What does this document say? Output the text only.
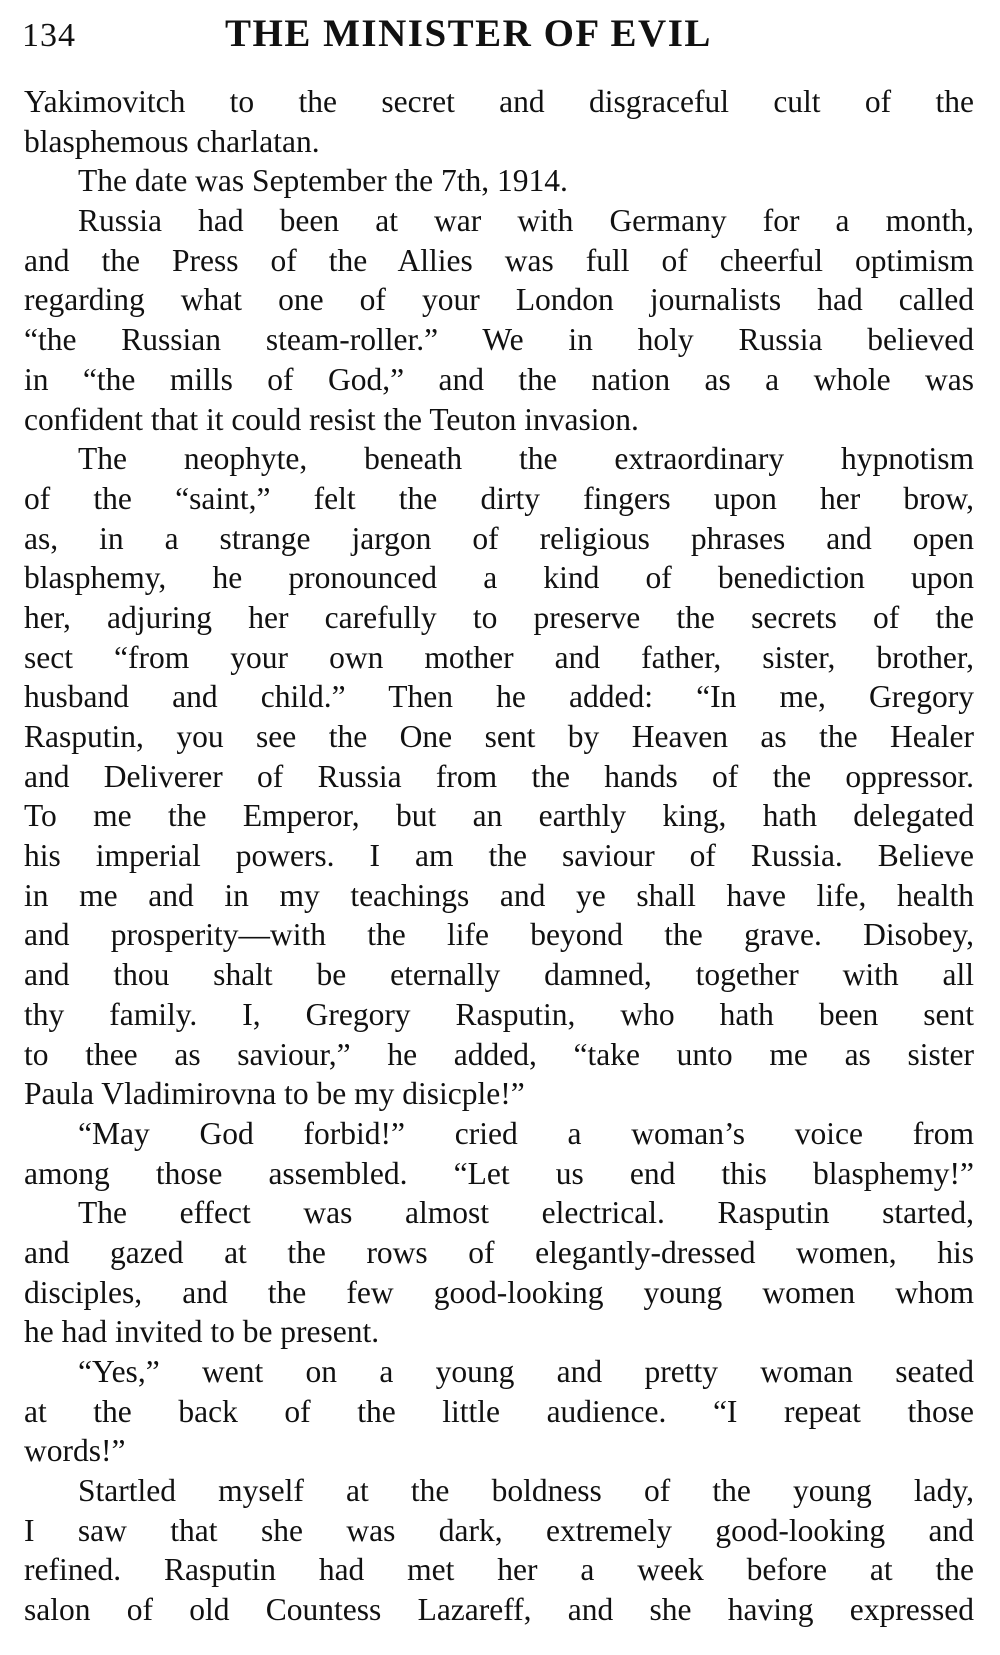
134	THE MINISTER OF EVIL
Yakimovitch to the secret and disgraceful cult of the
blasphemous charlatan.
The date was September the 7th, 1914.
Russia had been at war with Germany for a month,
and the Press of the Allies was full of cheerful optimism
regarding what one of your London journalists had called
“the Russian steam-roller.” We in holy Russia believed
in “the mills of God,” and the nation as a whole was
confident that it could resist the Teuton invasion.
The neophyte, beneath the extraordinary hypnotism
of the “saint,” felt the dirty fingers upon her brow,
as, in a strange jargon of religious phrases and open
blasphemy, he pronounced a kind of benediction upon
her, adjuring her carefully to preserve the secrets of the
sect “from your own mother and father, sister, brother,
husband and child.” Then he added: “In me, Gregory
Rasputin, you see the One sent by Heaven as the Healer
and Deliverer of Russia from the hands of the oppressor.
To me the Emperor, but an earthly king, hath delegated
his imperial powers. I am the saviour of Russia. Believe
in me and in my teachings and ye shall have life, health
and prosperity—with the life beyond the grave. Disobey,
and thou shalt be eternally damned, together with all
thy family. I, Gregory Rasputin, who hath been sent
to thee as saviour,” he added, “take unto me as sister
Paula Vladimirovna to be my disicple!”
“May God forbid!” cried a woman’s voice from
among those assembled. “Let us end this blasphemy!”
The effect was almost electrical. Rasputin started,
and gazed at the rows of elegantly-dressed women, his
disciples, and the few good-looking young women whom
he had invited to be present.
“Yes,” went on a young and pretty woman seated
at the back of the little audience. “I repeat those
words!”
Startled myself at the boldness of the young lady,
I saw that she was dark, extremely good-looking and
refined. Rasputin had met her a week before at the
salon of old Countess Lazareff, and she having expressed
